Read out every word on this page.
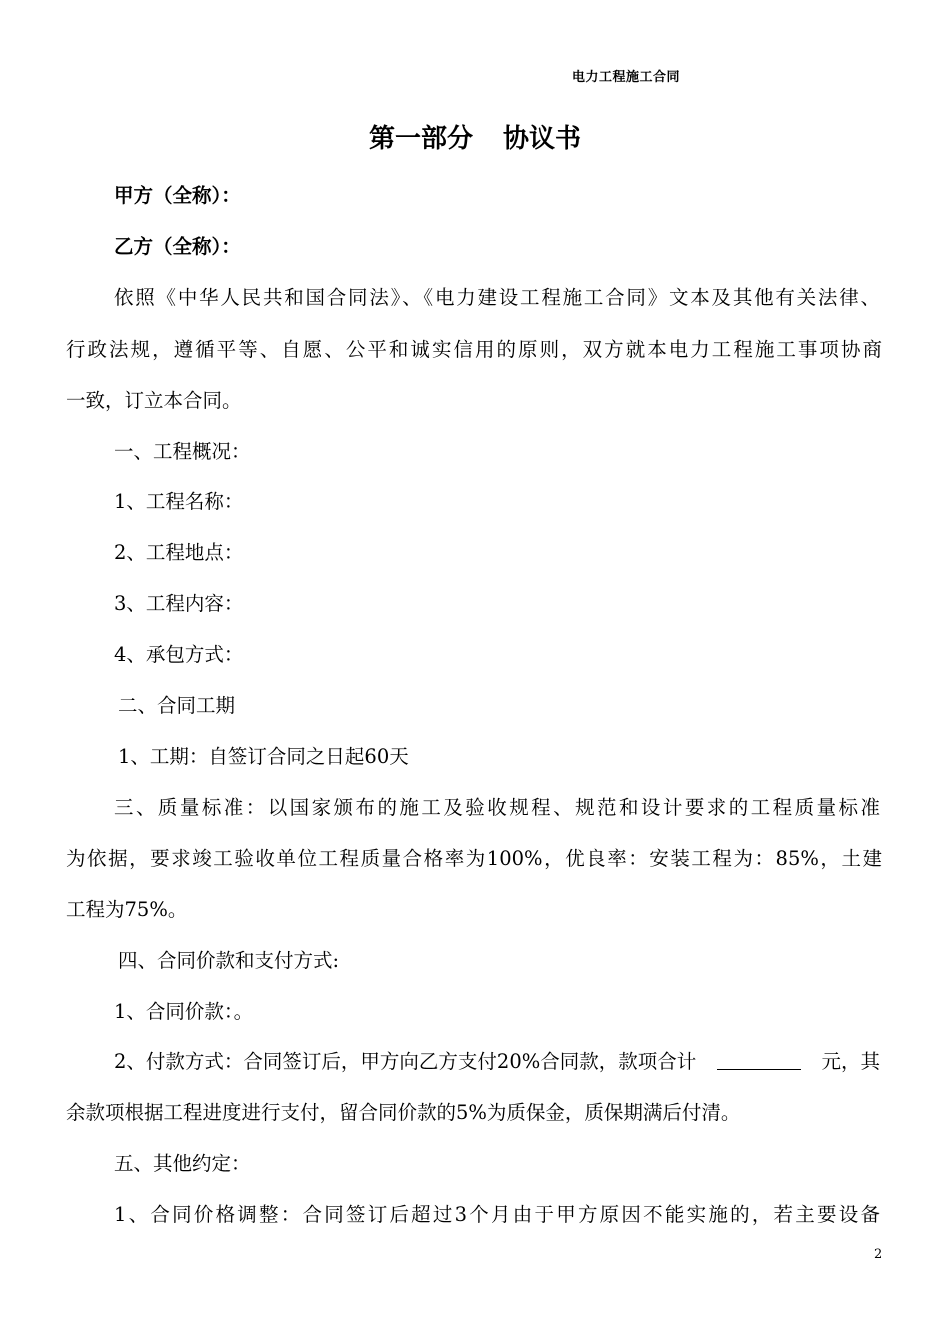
电力工程施工合同
第一部分 协议书
甲方（全称）：
乙方（全称）：
依照《中华人民共和国合同法》、《电力建设工程施工合同》文本及其他有关法律、
行政法规，遵循平等、自愿、公平和诚实信用的原则，双方就本电力工程施工事项协商
一致，订立本合同。
一、工程概况：
1、工程名称：
2、工程地点：
3、工程内容：
4、承包方式：
二、合同工期
1、工期：自签订合同之日起60天
三、质量标准：以国家颁布的施工及验收规程、规范和设计要求的工程质量标准
为依据，要求竣工验收单位工程质量合格率为100%，优良率：安装工程为：85%，土建
工程为75%。
四、合同价款和支付方式:
1、合同价款：。
2、付款方式：合同签订后，甲方向乙方支付20%合同款，款项合计	元，其
余款项根据工程进度进行支付，留合同价款的5%为质保金，质保期满后付清。
五、其他约定：
1、合同价格调整：合同签订后超过3个月由于甲方原因不能实施的，若主要设备
2
